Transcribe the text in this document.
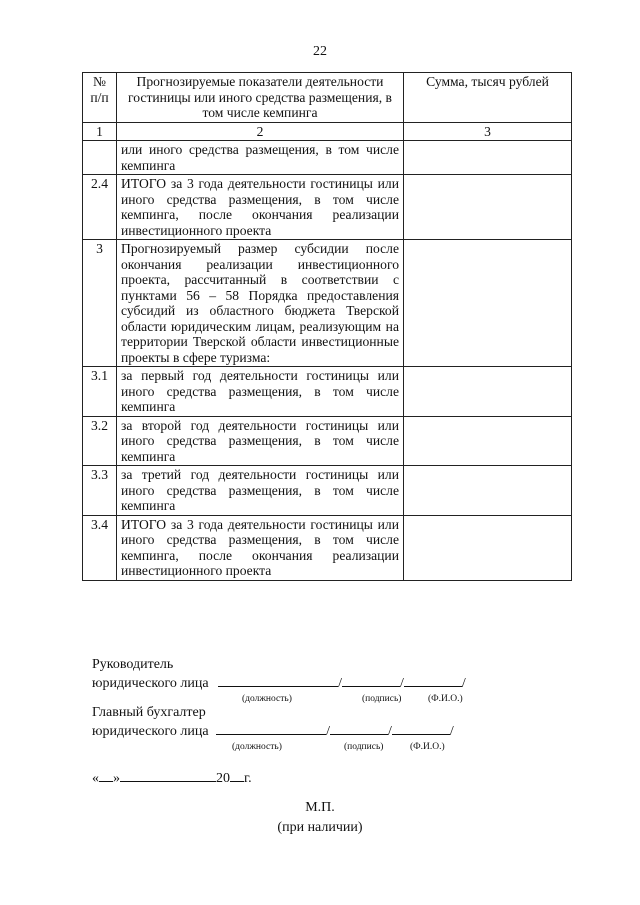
22
№ п/п	Прогнозируемые показатели деятельности гостиницы или иного средства размещения, в том числе кемпинга	Сумма, тысяч рублей
1	2	3
	или иного средства размещения, в том числе кемпинга	
2.4	ИТОГО за 3 года деятельности гостиницы или иного средства размещения, в том числе кемпинга, после окончания реализации инвестиционного проекта	
3	Прогнозируемый размер субсидии после окончания реализации инвестиционного проекта, рассчитанный в соответствии с пунктами 56 – 58 Порядка предоставления субсидий из областного бюджета Тверской области юридическим лицам, реализующим на территории Тверской области инвестиционные проекты в сфере туризма:	
3.1	за первый год деятельности гостиницы или иного средства размещения, в том числе кемпинга	
3.2	за второй год деятельности гостиницы или иного средства размещения, в том числе кемпинга	
3.3	за третий год деятельности гостиницы или иного средства размещения, в том числе кемпинга	
3.4	ИТОГО за 3 года деятельности гостиницы или иного средства размещения, в том числе кемпинга, после окончания реализации инвестиционного проекта	
Руководитель
юридического лица	/	/	/
(должность)	(подпись)	(Ф.И.О.)
Главный бухгалтер
юридического лица	/	/	/
(должность)	(подпись)	(Ф.И.О.)
« »	20 г.
М.П.
(при наличии)
